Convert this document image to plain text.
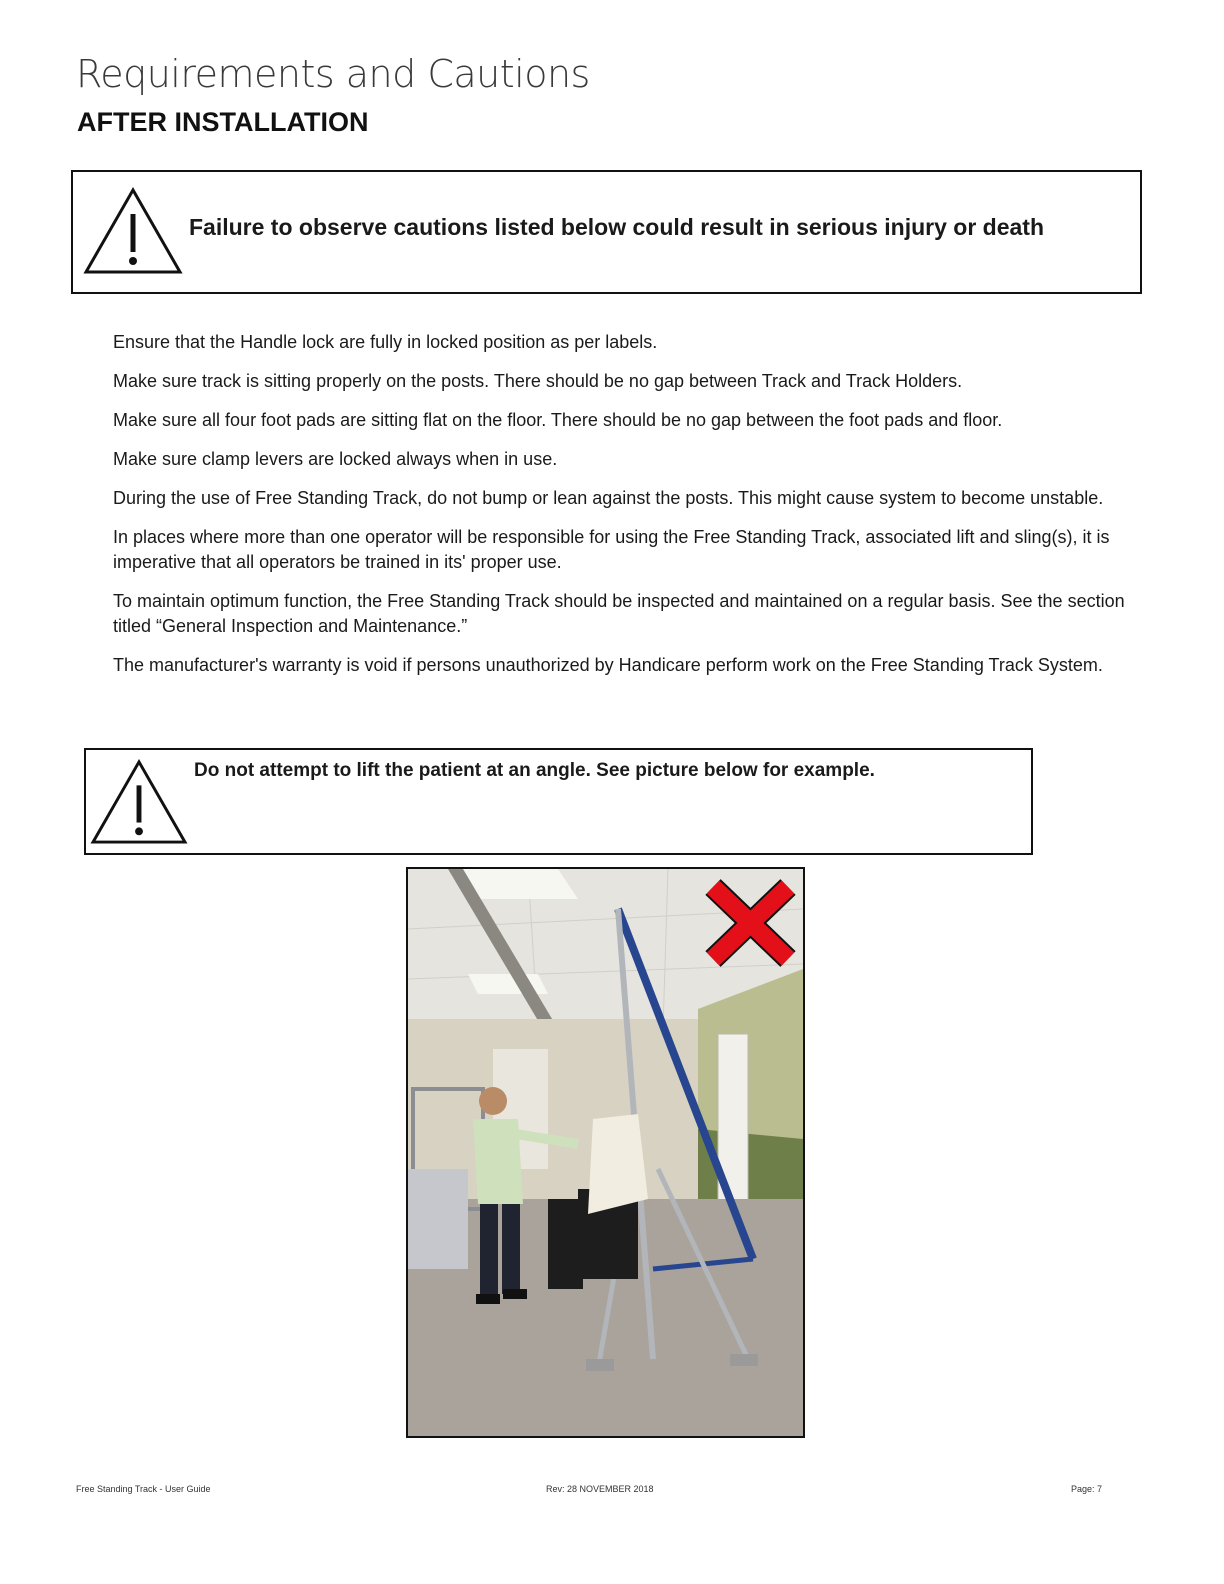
Requirements and Cautions
AFTER INSTALLATION
Failure to observe cautions listed below could result in serious injury or death
Ensure that the Handle lock are fully in locked position as per labels.
Make sure track is sitting properly on the posts. There should be no gap between Track and Track Holders.
Make sure all four foot pads are sitting flat on the floor. There should be no gap between the foot pads and floor.
Make sure clamp levers are locked always when in use.
During the use of Free Standing Track, do not bump or lean against the posts. This might cause system to become unstable.
In places where more than one operator will be responsible for using the Free Standing Track, associated lift and sling(s), it is imperative that all operators be trained in its' proper use.
To maintain optimum function, the Free Standing Track should be inspected and maintained on a regular basis. See the section titled “General Inspection and Maintenance.”
The manufacturer's warranty is void if persons unauthorized by Handicare perform work on the Free Standing Track System.
Do not attempt to lift the patient at an angle. See picture below for example.
Free Standing Track - User Guide	Rev: 28 NOVEMBER 2018	Page: 7
